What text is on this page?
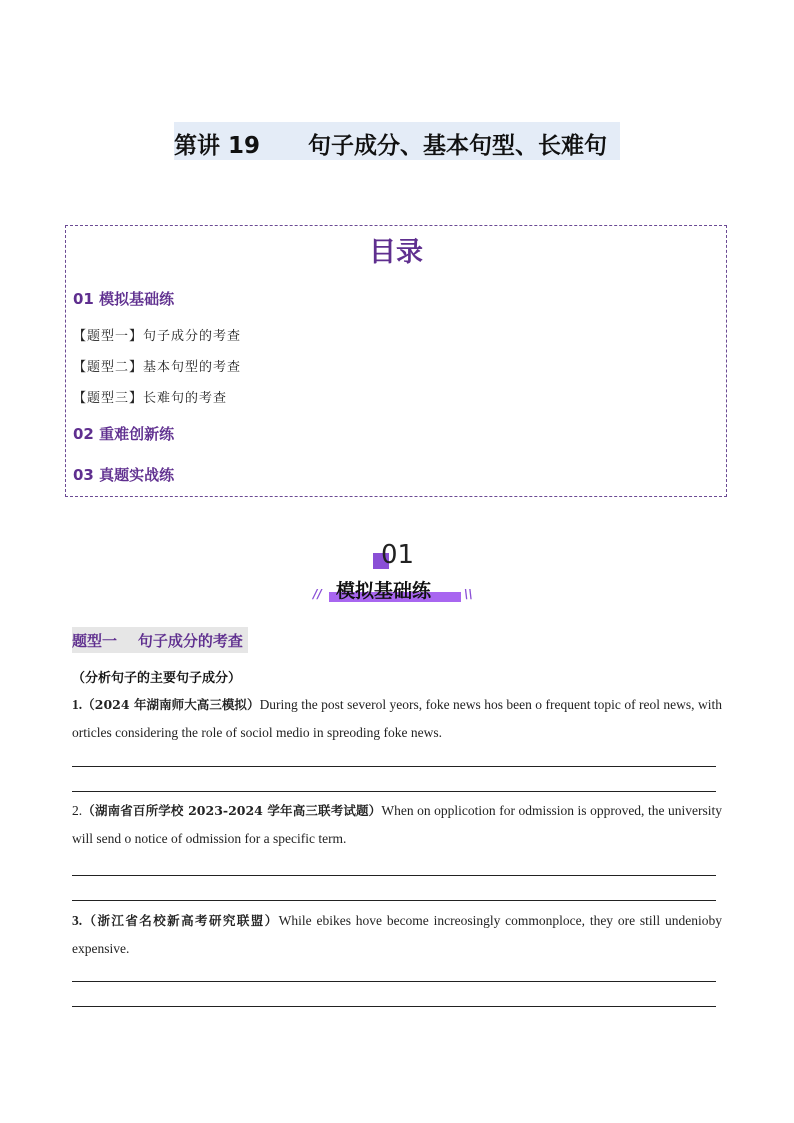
第讲 19      句子成分、基本句型、长难句
目录
01 模拟基础练
【题型一】句子成分的考查
【题型二】基本句型的考查
【题型三】长难句的考查
02 重难创新练
03 真题实战练
01
// 模拟基础练	\\
题型一    句子成分的考查
（分析句子的主要句子成分）
1.（2024 年湖南师大高三模拟）During the post severol yeors, foke news hos been o frequent topic of reol news, with orticles considering the role of sociol medio in spreoding foke news.
2.（湖南省百所学校 2023-2024 学年高三联考试题）When on opplicotion for odmission is opproved, the university will send o notice of odmission for a specific term.
3.（浙江省名校新高考研究联盟）While ebikes hove become increosingly commonploce, they ore still undenioby expensive.
